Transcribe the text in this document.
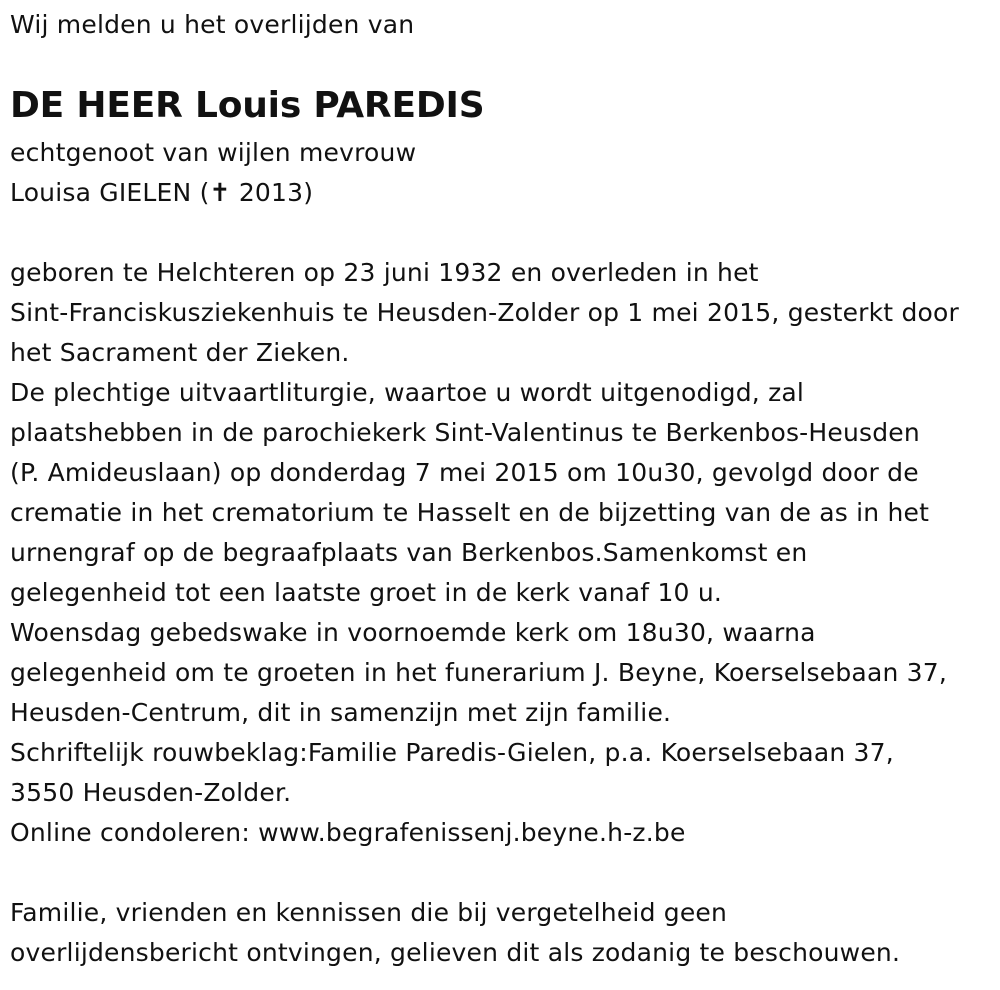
Wij melden u het overlijden van
DE HEER Louis PAREDIS
echtgenoot van wijlen mevrouw
Louisa GIELEN (✝ 2013)
geboren te Helchteren op 23 juni 1932 en overleden in het
Sint-Franciskusziekenhuis te Heusden-Zolder op 1 mei 2015, gesterkt door
het Sacrament der Zieken.
De plechtige uitvaartliturgie, waartoe u wordt uitgenodigd, zal
plaatshebben in de parochiekerk Sint-Valentinus te Berkenbos-Heusden
(P. Amideuslaan) op donderdag 7 mei 2015 om 10u30, gevolgd door de
crematie in het crematorium te Hasselt en de bijzetting van de as in het
urnengraf op de begraafplaats van Berkenbos.Samenkomst en
gelegenheid tot een laatste groet in de kerk vanaf 10 u.
Woensdag gebedswake in voornoemde kerk om 18u30, waarna
gelegenheid om te groeten in het funerarium J. Beyne, Koerselsebaan 37,
Heusden-Centrum, dit in samenzijn met zijn familie.
Schriftelijk rouwbeklag:Familie Paredis-Gielen, p.a. Koerselsebaan 37,
3550 Heusden-Zolder.
Online condoleren: www.begrafenissenj.beyne.h-z.be
Familie, vrienden en kennissen die bij vergetelheid geen
overlijdensbericht ontvingen, gelieven dit als zodanig te beschouwen.
